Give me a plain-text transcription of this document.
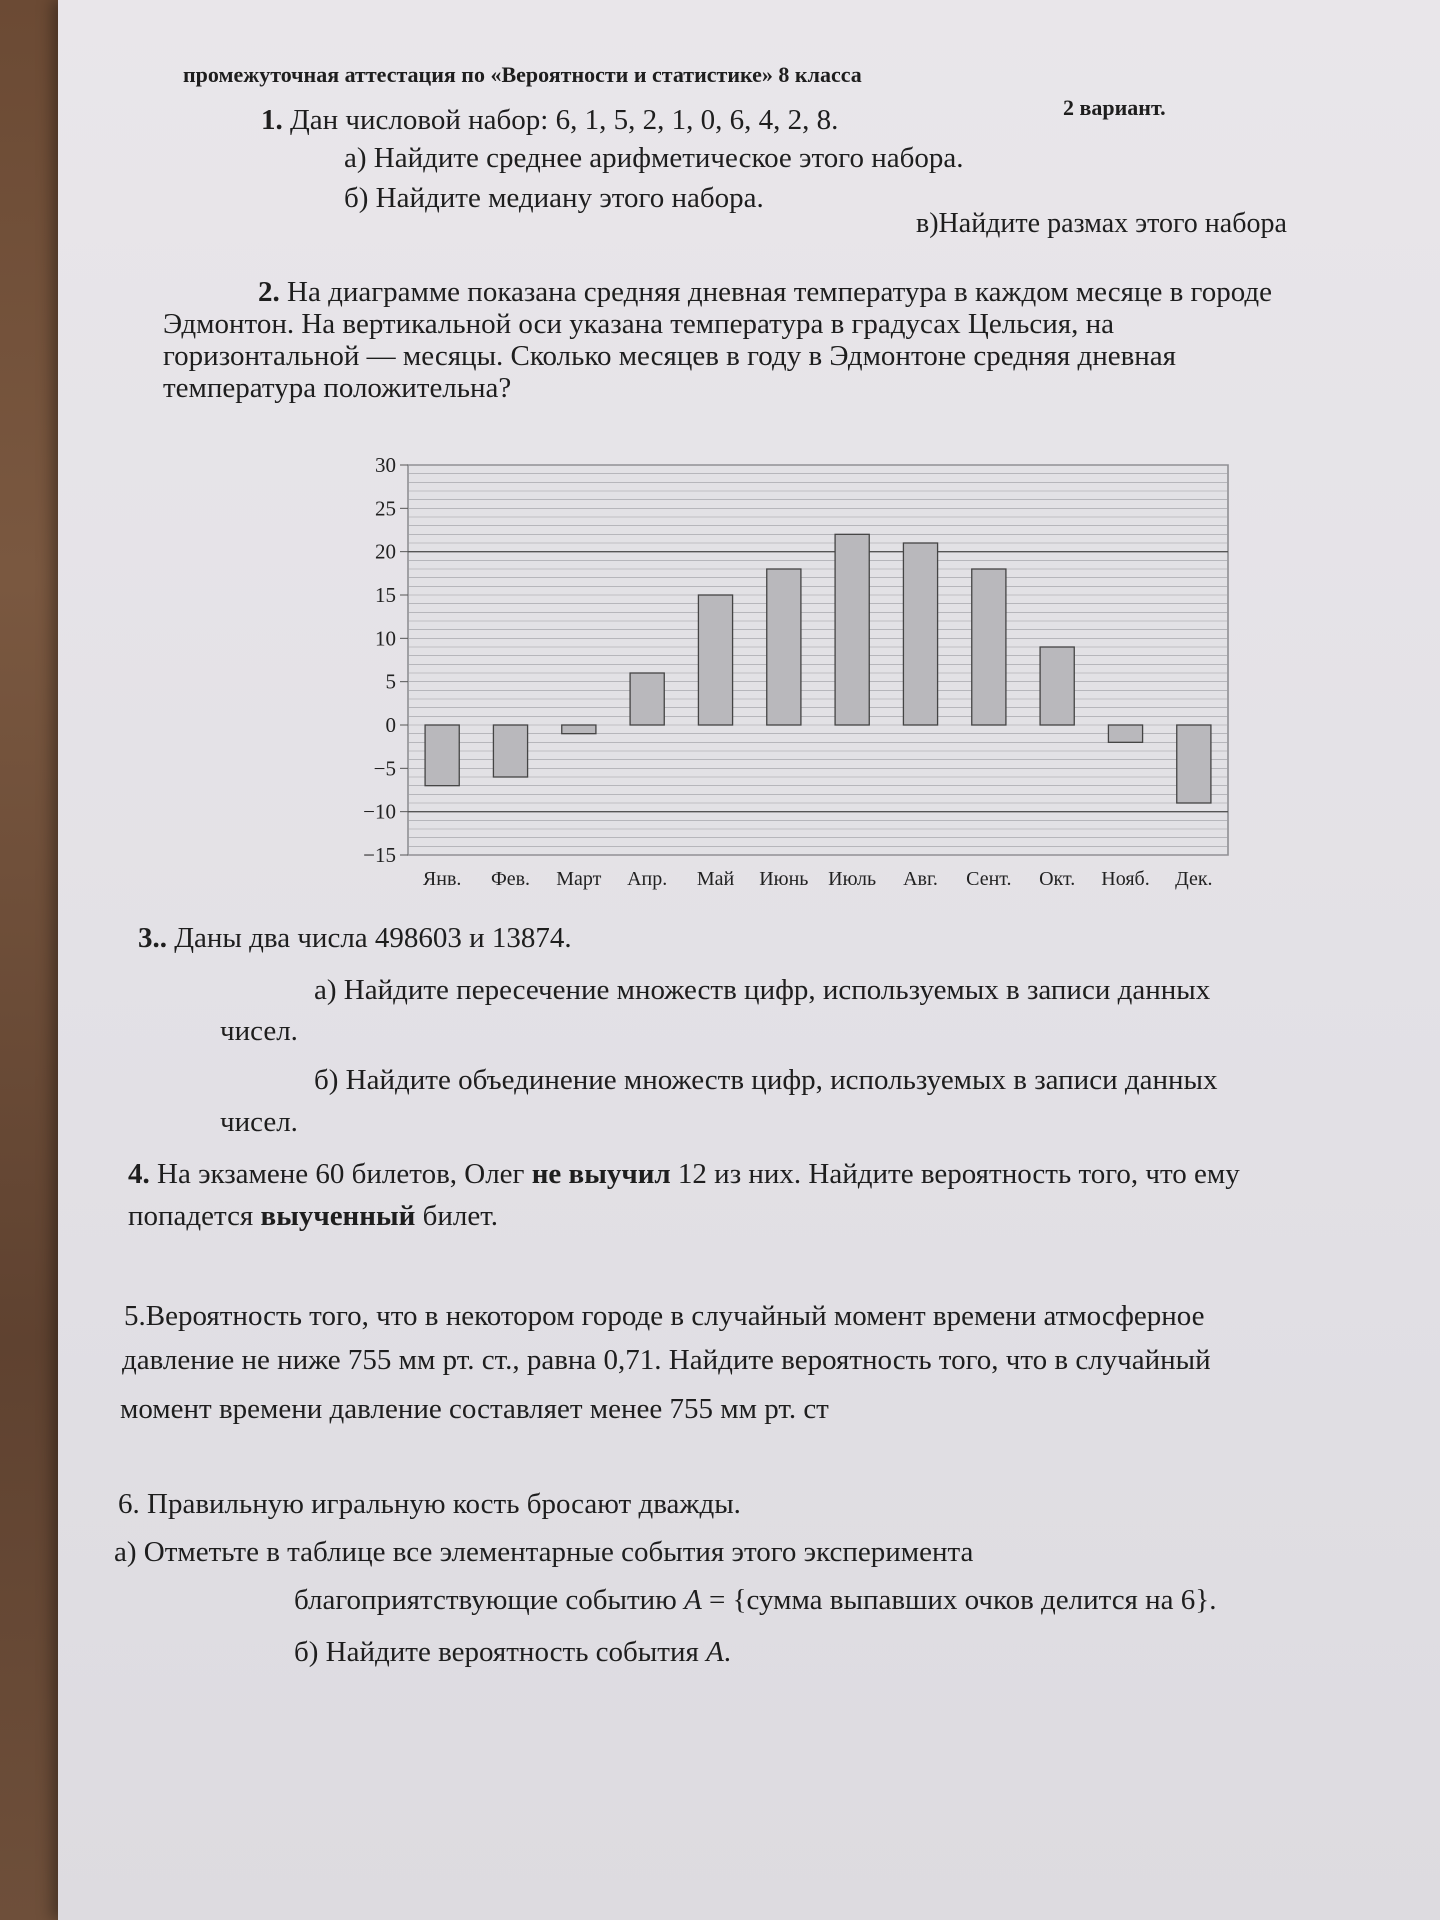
промежуточная аттестация по «Вероятности и статистике» 8 класса
2 вариант.
1. Дан числовой набор: 6, 1, 5, 2, 1, 0, 6, 4, 2, 8.
а) Найдите среднее арифметическое этого набора.
б) Найдите медиану этого набора.
в)Найдите размах этого набора
2. На диаграмме показана средняя дневная температура в каждом месяце в городе
Эдмонтон. На вертикальной оси указана температура в градусах Цельсия, на
горизонтальной — месяцы. Сколько месяцев в году в Эдмонтоне средняя дневная
температура положительна?
30
25
20
15
10
5
0
−5
−10
−15
Янв. Фев. Март Апр. Май Июнь Июль Авг. Сент. Окт. Нояб. Дек.
3.. Даны два числа 498603 и 13874.
а) Найдите пересечение множеств цифр, используемых в записи данных
чисел.
б) Найдите объединение множеств цифр, используемых в записи данных
чисел.
4. На экзамене 60 билетов, Олег не выучил 12 из них. Найдите вероятность того, что ему
попадется выученный билет.
5.Вероятность того, что в некотором городе в случайный момент времени атмосферное
давление не ниже 755 мм рт. ст., равна 0,71. Найдите вероятность того, что в случайный
момент времени давление составляет менее 755 мм рт. ст
6. Правильную игральную кость бросают дважды.
а) Отметьте в таблице все элементарные события этого эксперимента
благоприятствующие событию A = {сумма выпавших очков делится на 6}.
б) Найдите вероятность события A.
